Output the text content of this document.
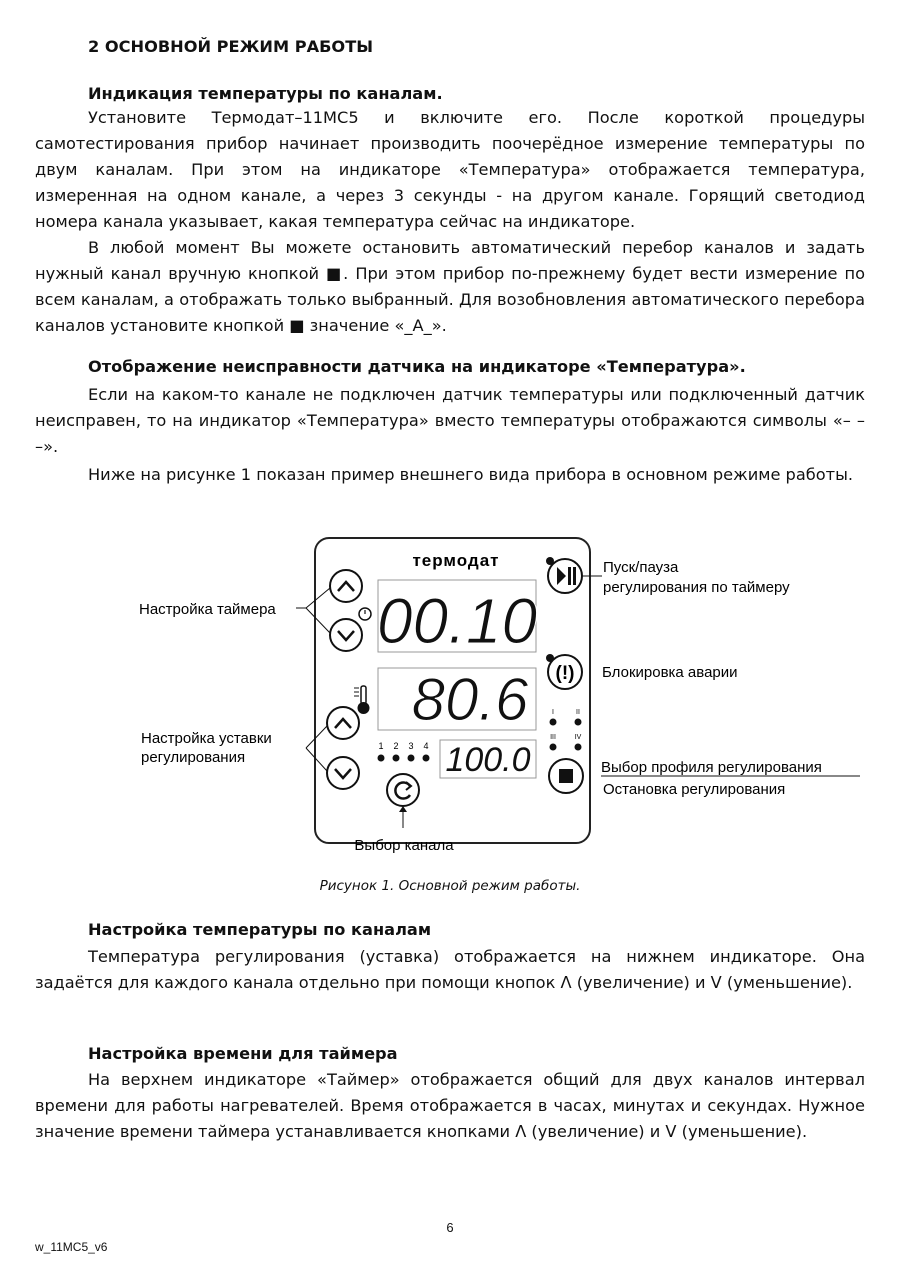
2 ОСНОВНОЙ РЕЖИМ РАБОТЫ
Индикация температуры по каналам.
Установите Термодат–11МС5 и включите его. После короткой процедуры самотестирования прибор начинает производить поочерёдное измерение температуры по двум каналам. При этом на индикаторе «Температура» отображается температура, измеренная на одном канале, а через 3 секунды - на другом канале. Горящий светодиод номера канала указывает, какая температура сейчас на индикаторе.
В любой момент Вы можете остановить автоматический перебор каналов и задать нужный канал вручную кнопкой ■. При этом прибор по-прежнему будет вести измерение по всем каналам, а отображать только выбранный. Для возобновления автоматического перебора каналов установите кнопкой ■ значение «_А_».
Отображение неисправности датчика на индикаторе «Температура».
Если на каком-то канале не подключен датчик температуры или подключенный датчик неисправен, то на индикатор «Температура» вместо температуры отображаются символы «– – –».
Ниже на рисунке 1 показан пример внешнего вида прибора в основном режиме работы.
термодат
00.10
80.6
100.0
1 2 3 4
I	II
III	IV
(!)
Настройка таймера
Настройка уставки
регулирования
Пуск/пауза
регулирования по таймеру
Блокировка аварии
Выбор профиля регулирования
Остановка регулирования
Выбор канала
Рисунок 1. Основной режим работы.
Настройка температуры по каналам
Температура регулирования (уставка) отображается на нижнем индикаторе. Она задаётся для каждого канала отдельно при помощи кнопок ᐱ (увеличение) и ᐯ (уменьшение).
Настройка времени для таймера
На верхнем индикаторе «Таймер» отображается общий для двух каналов интервал времени для работы нагревателей. Время отображается в часах, минутах и секундах. Нужное значение времени таймера устанавливается кнопками ᐱ (увеличение) и ᐯ (уменьшение).
6
w_11MC5_v6
